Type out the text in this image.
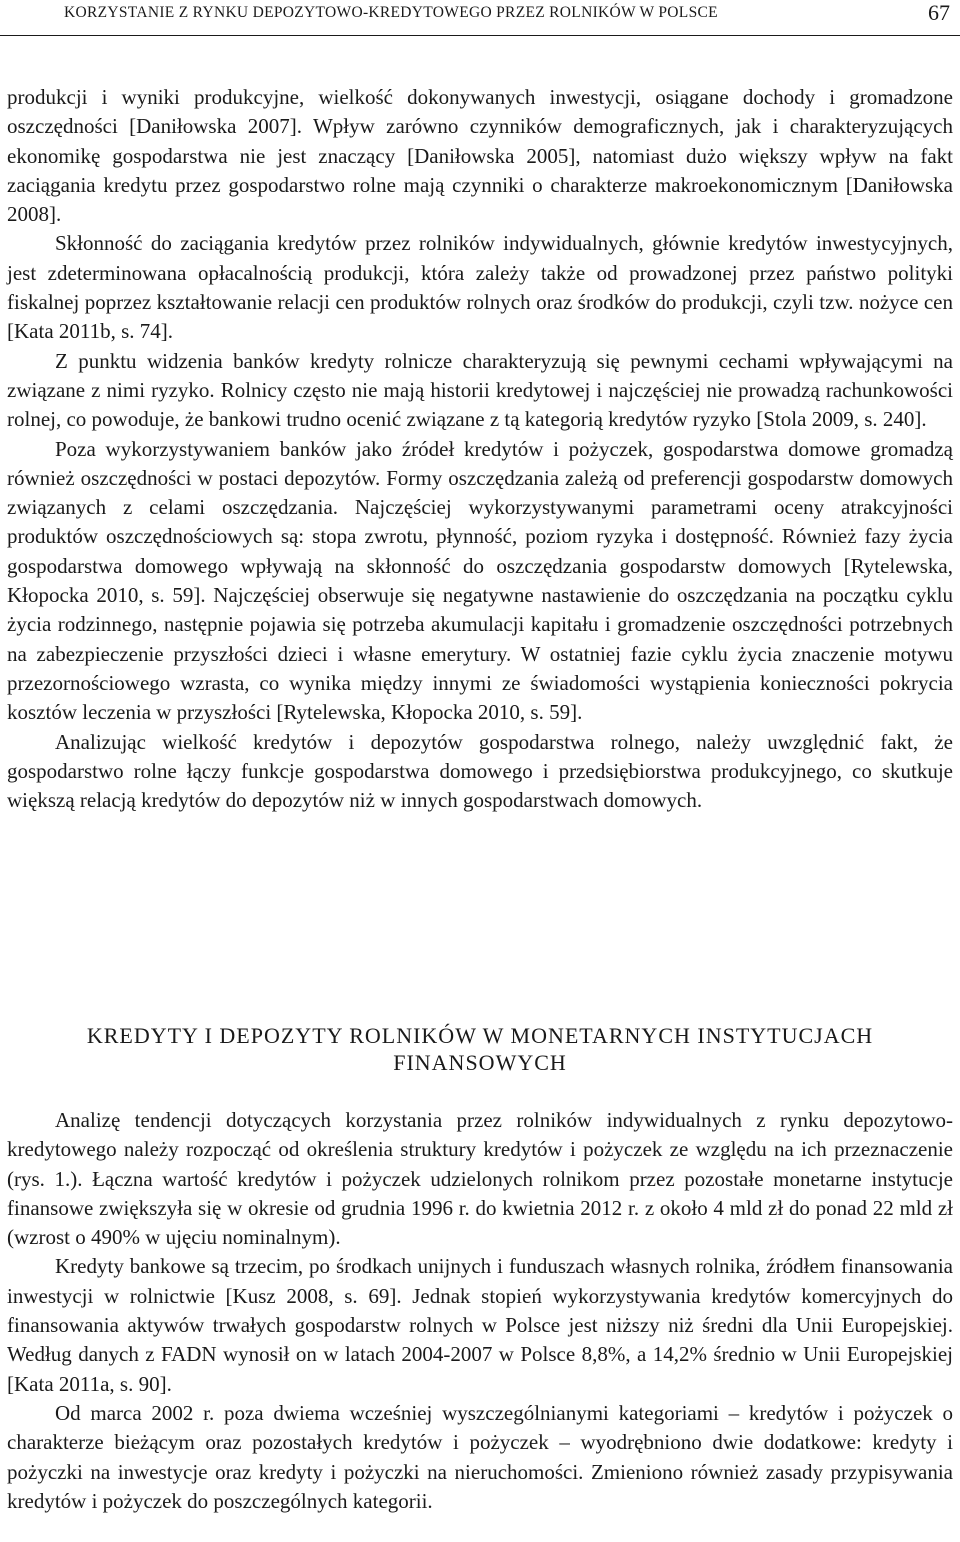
KORZYSTANIE Z RYNKU DEPOZYTOWO-KREDYTOWEGO PRZEZ ROLNIKÓW W POLSCE	67

produkcji i wyniki produkcyjne, wielkość dokonywanych inwestycji, osiągane dochody i gromadzone oszczędności [Daniłowska 2007]. Wpływ zarówno czynników demograficznych, jak i charakteryzujących ekonomikę gospodarstwa nie jest znaczący [Daniłowska 2005], natomiast dużo większy wpływ na fakt zaciągania kredytu przez gospodarstwo rolne mają czynniki o charakterze makroekonomicznym [Daniłowska 2008].

Skłonność do zaciągania kredytów przez rolników indywidualnych, głównie kredytów inwestycyjnych, jest zdeterminowana opłacalnością produkcji, która zależy także od prowadzonej przez państwo polityki fiskalnej poprzez kształtowanie relacji cen produktów rolnych oraz środków do produkcji, czyli tzw. nożyce cen [Kata 2011b, s. 74].

Z punktu widzenia banków kredyty rolnicze charakteryzują się pewnymi cechami wpływającymi na związane z nimi ryzyko. Rolnicy często nie mają historii kredytowej i najczęściej nie prowadzą rachunkowości rolnej, co powoduje, że bankowi trudno ocenić związane z tą kategorią kredytów ryzyko [Stola 2009, s. 240].

Poza wykorzystywaniem banków jako źródeł kredytów i pożyczek, gospodarstwa domowe gromadzą również oszczędności w postaci depozytów. Formy oszczędzania zależą od preferencji gospodarstw domowych związanych z celami oszczędzania. Najczęściej wykorzystywanymi parametrami oceny atrakcyjności produktów oszczędnościowych są: stopa zwrotu, płynność, poziom ryzyka i dostępność. Również fazy życia gospodarstwa domowego wpływają na skłonność do oszczędzania gospodarstw domowych [Rytelewska, Kłopocka 2010, s. 59]. Najczęściej obserwuje się negatywne nastawienie do oszczędzania na początku cyklu życia rodzinnego, następnie pojawia się potrzeba akumulacji kapitału i gromadzenie oszczędności potrzebnych na zabezpieczenie przyszłości dzieci i własne emerytury. W ostatniej fazie cyklu życia znaczenie motywu przezornościowego wzrasta, co wynika między innymi ze świadomości wystąpienia konieczności pokrycia kosztów leczenia w przyszłości [Rytelewska, Kłopocka 2010, s. 59].

Analizując wielkość kredytów i depozytów gospodarstwa rolnego, należy uwzględnić fakt, że gospodarstwo rolne łączy funkcje gospodarstwa domowego i przedsiębiorstwa produkcyjnego, co skutkuje większą relacją kredytów do depozytów niż w innych gospodarstwach domowych.

KREDYTY I DEPOZYTY ROLNIKÓW W MONETARNYCH INSTYTUCJACH
FINANSOWYCH

Analizę tendencji dotyczących korzystania przez rolników indywidualnych z rynku depozytowo-kredytowego należy rozpocząć od określenia struktury kredytów i pożyczek ze względu na ich przeznaczenie (rys. 1.). Łączna wartość kredytów i pożyczek udzielonych rolnikom przez pozostałe monetarne instytucje finansowe zwiększyła się w okresie od grudnia 1996 r. do kwietnia 2012 r. z około 4 mld zł do ponad 22 mld zł (wzrost o 490% w ujęciu nominalnym).

Kredyty bankowe są trzecim, po środkach unijnych i funduszach własnych rolnika, źródłem finansowania inwestycji w rolnictwie [Kusz 2008, s. 69]. Jednak stopień wykorzystywania kredytów komercyjnych do finansowania aktywów trwałych gospodarstw rolnych w Polsce jest niższy niż średni dla Unii Europejskiej. Według danych z FADN wynosił on w latach 2004-2007 w Polsce 8,8%, a 14,2% średnio w Unii Europejskiej [Kata 2011a, s. 90].

Od marca 2002 r. poza dwiema wcześniej wyszczególnianymi kategoriami – kredytów i pożyczek o charakterze bieżącym oraz pozostałych kredytów i pożyczek – wyodrębniono dwie dodatkowe: kredyty i pożyczki na inwestycje oraz kredyty i pożyczki na nieruchomości. Zmieniono również zasady przypisywania kredytów i pożyczek do poszczególnych kategorii.
